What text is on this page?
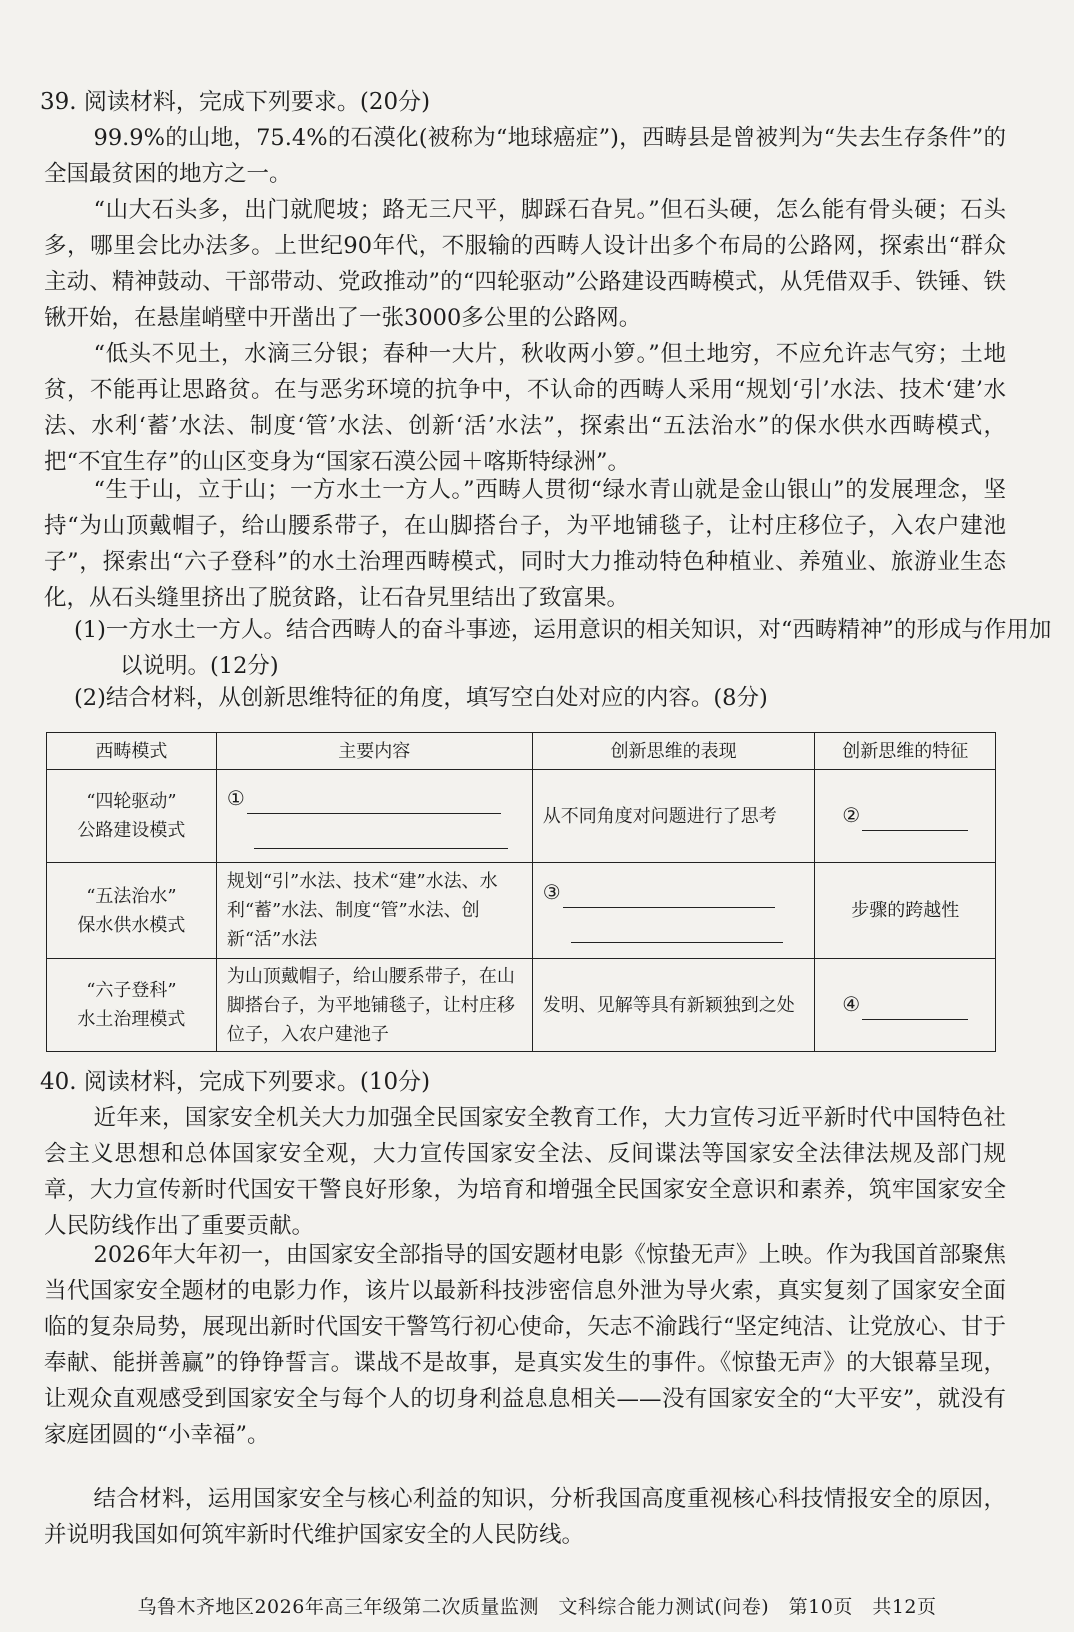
39. 阅读材料，完成下列要求。(20分)
99.9%的山地，75.4%的石漠化(被称为“地球癌症”)，西畴县是曾被判为“失去生存条件”的全国最贫困的地方之一。
“山大石头多，出门就爬坡；路无三尺平，脚踩石旮旯。”但石头硬，怎么能有骨头硬；石头多，哪里会比办法多。上世纪90年代，不服输的西畴人设计出多个布局的公路网，探索出“群众主动、精神鼓动、干部带动、党政推动”的“四轮驱动”公路建设西畴模式，从凭借双手、铁锤、铁锹开始，在悬崖峭壁中开凿出了一张3000多公里的公路网。
“低头不见土，水滴三分银；春种一大片，秋收两小箩。”但土地穷，不应允许志气穷；土地贫，不能再让思路贫。在与恶劣环境的抗争中，不认命的西畴人采用“规划‘引’水法、技术‘建’水法、水利‘蓄’水法、制度‘管’水法、创新‘活’水法”，探索出“五法治水”的保水供水西畴模式，把“不宜生存”的山区变身为“国家石漠公园＋喀斯特绿洲”。
“生于山，立于山；一方水土一方人。”西畴人贯彻“绿水青山就是金山银山”的发展理念，坚持“为山顶戴帽子，给山腰系带子，在山脚搭台子，为平地铺毯子，让村庄移位子，入农户建池子”，探索出“六子登科”的水土治理西畴模式，同时大力推动特色种植业、养殖业、旅游业生态化，从石头缝里挤出了脱贫路，让石旮旯里结出了致富果。
(1)一方水土一方人。结合西畴人的奋斗事迹，运用意识的相关知识，对“西畴精神”的形成与作用加以说明。(12分)
(2)结合材料，从创新思维特征的角度，填写空白处对应的内容。(8分)
西畴模式	主要内容	创新思维的表现	创新思维的特征

“四轮驱动”
公路建设模式	①	从不同角度对问题进行了思考	②

“五法治水”
保水供水模式	规划“引”水法、技术“建”水法、水利“蓄”水法、制度“管”水法、创新“活”水法	③	步骤的跨越性

“六子登科”
水土治理模式	为山顶戴帽子，给山腰系带子，在山脚搭台子，为平地铺毯子，让村庄移位子，入农户建池子	发明、见解等具有新颖独到之处	④
40. 阅读材料，完成下列要求。(10分)
近年来，国家安全机关大力加强全民国家安全教育工作，大力宣传习近平新时代中国特色社会主义思想和总体国家安全观，大力宣传国家安全法、反间谍法等国家安全法律法规及部门规章，大力宣传新时代国安干警良好形象，为培育和增强全民国家安全意识和素养，筑牢国家安全人民防线作出了重要贡献。
2026年大年初一，由国家安全部指导的国安题材电影《惊蛰无声》上映。作为我国首部聚焦当代国家安全题材的电影力作，该片以最新科技涉密信息外泄为导火索，真实复刻了国家安全面临的复杂局势，展现出新时代国安干警笃行初心使命，矢志不渝践行“坚定纯洁、让党放心、甘于奉献、能拼善赢”的铮铮誓言。谍战不是故事，是真实发生的事件。《惊蛰无声》的大银幕呈现，让观众直观感受到国家安全与每个人的切身利益息息相关——没有国家安全的“大平安”，就没有家庭团圆的“小幸福”。
结合材料，运用国家安全与核心利益的知识，分析我国高度重视核心科技情报安全的原因，并说明我国如何筑牢新时代维护国家安全的人民防线。
乌鲁木齐地区2026年高三年级第二次质量监测　文科综合能力测试(问卷)　第10页　共12页
